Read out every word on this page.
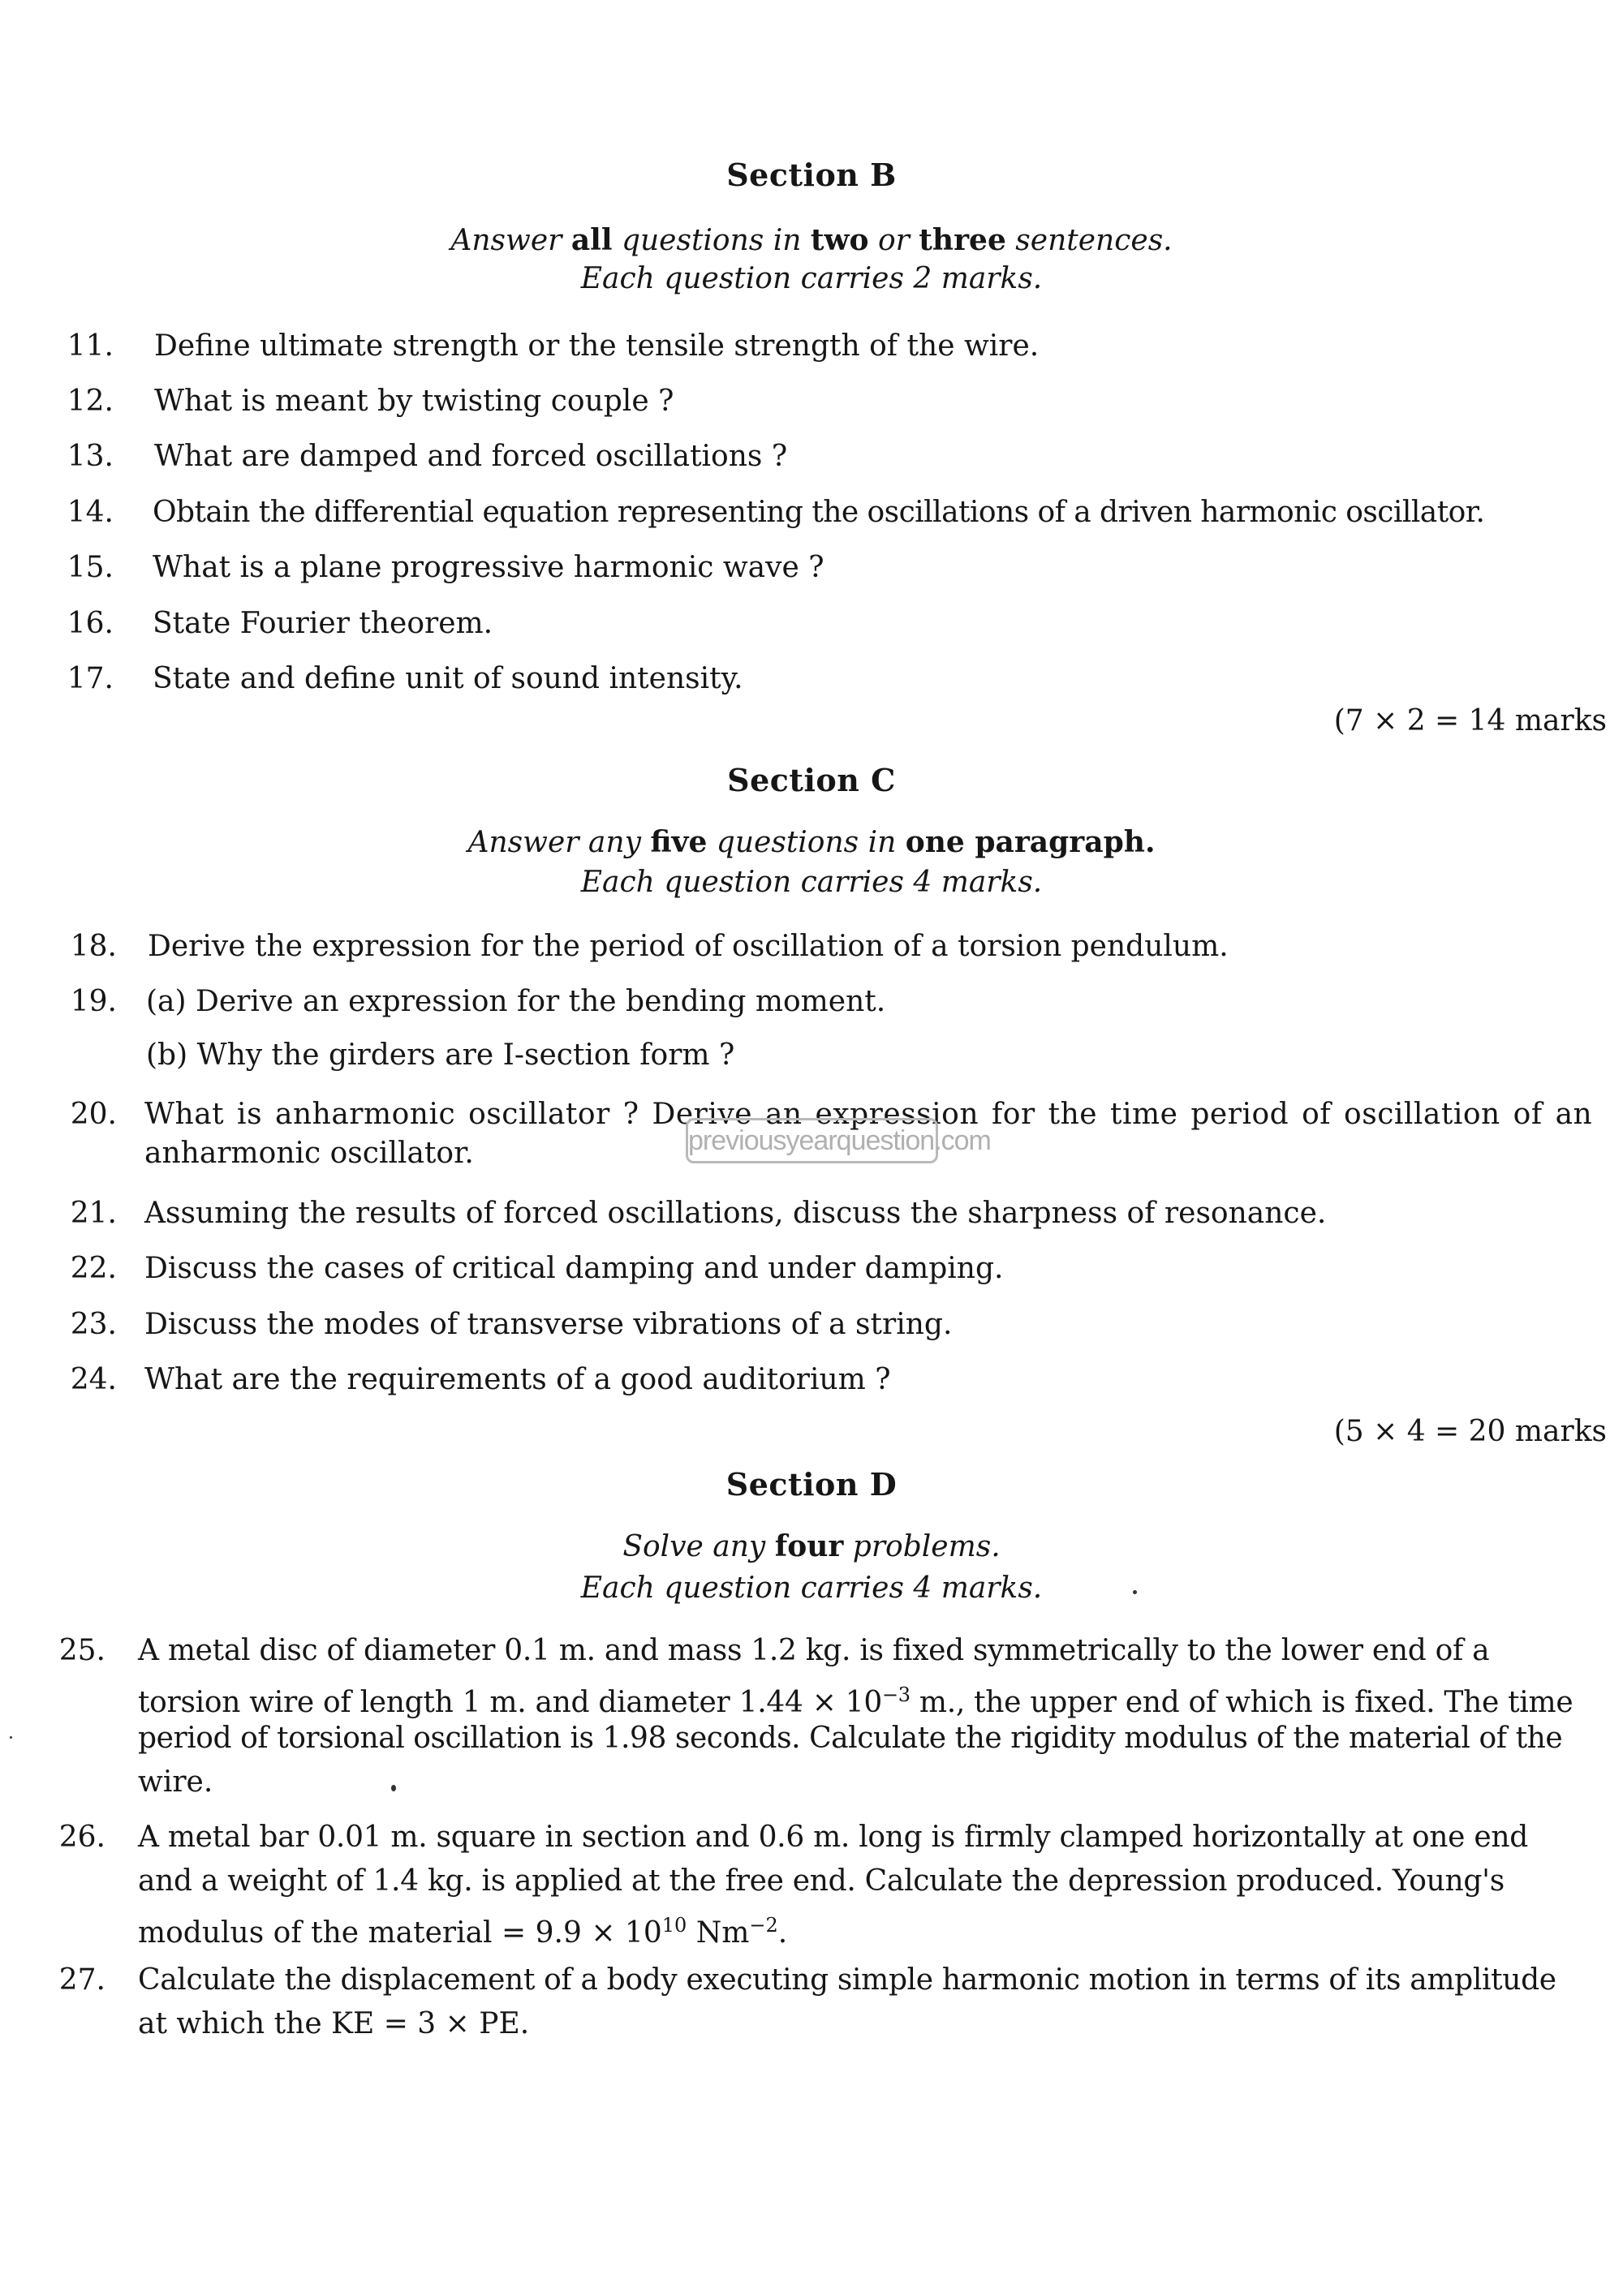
Section B
Answer all questions in two or three sentences.
Each question carries 2 marks.
11. Define ultimate strength or the tensile strength of the wire.
12. What is meant by twisting couple ?
13. What are damped and forced oscillations ?
14. Obtain the differential equation representing the oscillations of a driven harmonic oscillator.
15. What is a plane progressive harmonic wave ?
16. State Fourier theorem.
17. State and define unit of sound intensity.
(7 × 2 = 14 marks
Section C
Answer any five questions in one paragraph.
Each question carries 4 marks.
18. Derive the expression for the period of oscillation of a torsion pendulum.
19. (a) Derive an expression for the bending moment.
(b) Why the girders are I-section form ?
20. What is anharmonic oscillator ? Derive an expression for the time period of oscillation of an
anharmonic oscillator.	previousyearquestion.com
21. Assuming the results of forced oscillations, discuss the sharpness of resonance.
22. Discuss the cases of critical damping and under damping.
23. Discuss the modes of transverse vibrations of a string.
24. What are the requirements of a good auditorium ?
(5 × 4 = 20 marks
Section D
Solve any four problems.
Each question carries 4 marks.
25. A metal disc of diameter 0.1 m. and mass 1.2 kg. is fixed symmetrically to the lower end of a
torsion wire of length 1 m. and diameter $1.44 \times 10^{-3}$ m., the upper end of which is fixed. The time
period of torsional oscillation is 1.98 seconds. Calculate the rigidity modulus of the material of the
wire.
26. A metal bar 0.01 m. square in section and 0.6 m. long is firmly clamped horizontally at one end
and a weight of 1.4 kg. is applied at the free end. Calculate the depression produced. Young's
modulus of the material = $9.9 \times 10^{10}$ $Nm^{-2}$.
27. Calculate the displacement of a body executing simple harmonic motion in terms of its amplitude
at which the KE = 3 × PE.
